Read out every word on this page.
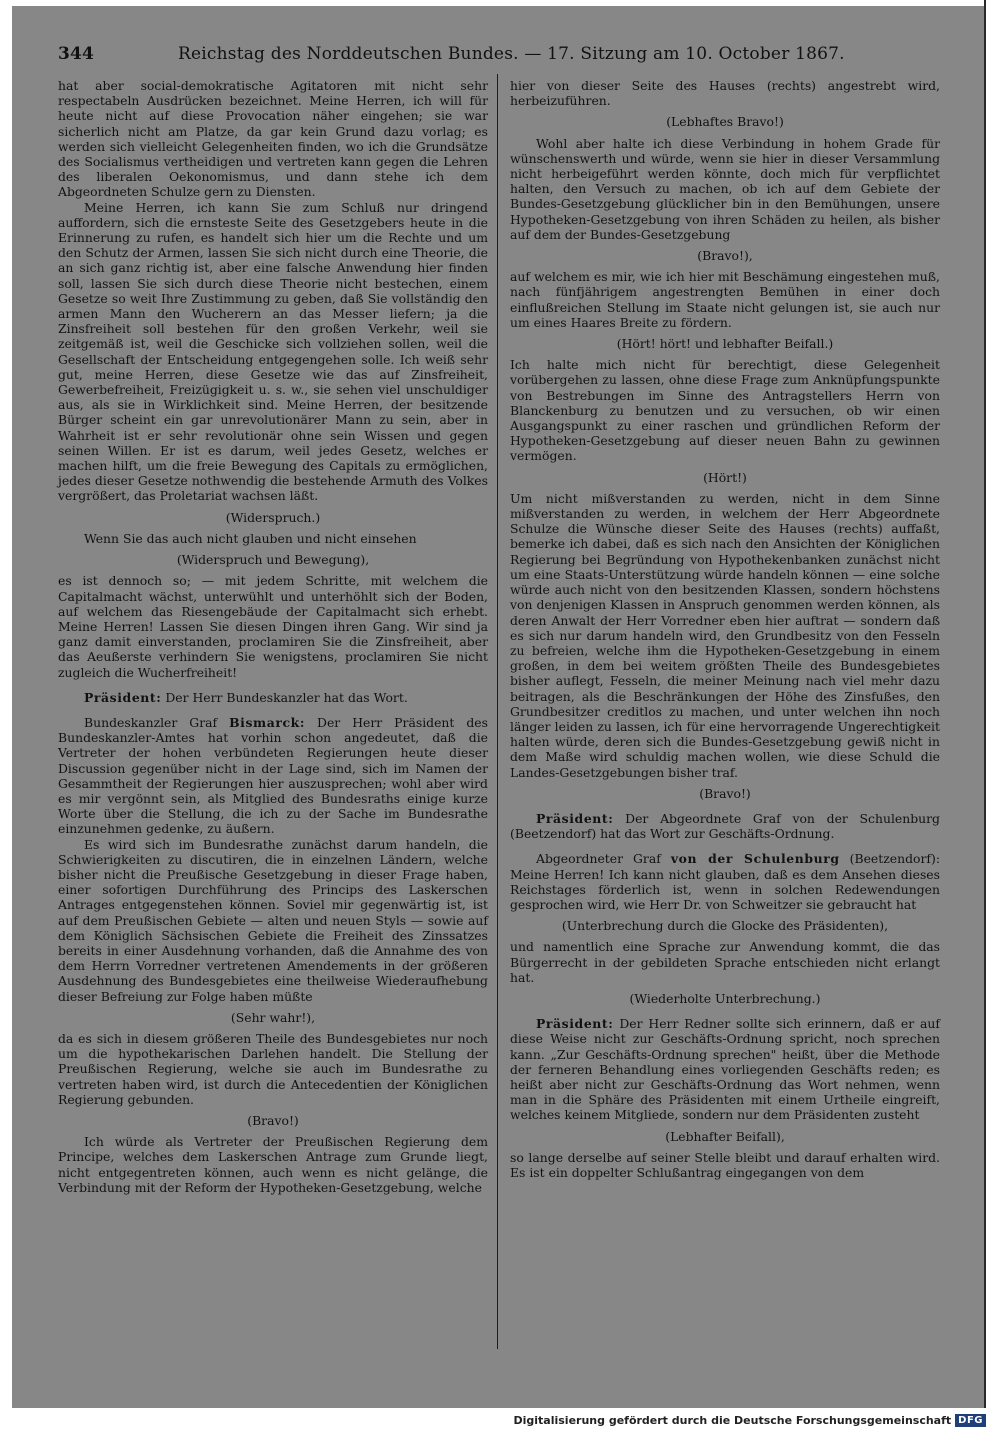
344	Reichstag des Norddeutschen Bundes. — 17. Sitzung am 10. October 1867.

hat aber social-demokratische Agitatoren mit nicht sehr respectabeln Ausdrücken bezeichnet. Meine Herren, ich will für heute nicht auf diese Provocation näher eingehen; sie war sicherlich nicht am Platze, da gar kein Grund dazu vorlag; es werden sich vielleicht Gelegenheiten finden, wo ich die Grundsätze des Socialismus vertheidigen und vertreten kann gegen die Lehren des liberalen Oekonomismus, und dann stehe ich dem Abgeordneten Schulze gern zu Diensten.

Meine Herren, ich kann Sie zum Schluß nur dringend auffordern, sich die ernsteste Seite des Gesetzgebers heute in die Erinnerung zu rufen, es handelt sich hier um die Rechte und um den Schutz der Armen, lassen Sie sich nicht durch eine Theorie, die an sich ganz richtig ist, aber eine falsche Anwendung hier finden soll, lassen Sie sich durch diese Theorie nicht bestechen, einem Gesetze so weit Ihre Zustimmung zu geben, daß Sie vollständig den armen Mann den Wucherern an das Messer liefern; ja die Zinsfreiheit soll bestehen für den großen Verkehr, weil sie zeitgemäß ist, weil die Geschicke sich vollziehen sollen, weil die Gesellschaft der Entscheidung entgegengehen solle. Ich weiß sehr gut, meine Herren, diese Gesetze wie das auf Zinsfreiheit, Gewerbefreiheit, Freizügigkeit u. s. w., sie sehen viel unschuldiger aus, als sie in Wirklichkeit sind. Meine Herren, der besitzende Bürger scheint ein gar unrevolutionärer Mann zu sein, aber in Wahrheit ist er sehr revolutionär ohne sein Wissen und gegen seinen Willen. Er ist es darum, weil jedes Gesetz, welches er machen hilft, um die freie Bewegung des Capitals zu ermöglichen, jedes dieser Gesetze nothwendig die bestehende Armuth des Volkes vergrößert, das Proletariat wachsen läßt.

(Widerspruch.)

Wenn Sie das auch nicht glauben und nicht einsehen

(Widerspruch und Bewegung),

es ist dennoch so; — mit jedem Schritte, mit welchem die Capitalmacht wächst, unterwühlt und unterhöhlt sich der Boden, auf welchem das Riesengebäude der Capitalmacht sich erhebt. Meine Herren! Lassen Sie diesen Dingen ihren Gang. Wir sind ja ganz damit einverstanden, proclamiren Sie die Zinsfreiheit, aber das Aeußerste verhindern Sie wenigstens, proclamiren Sie nicht zugleich die Wucherfreiheit!

Präsident: Der Herr Bundeskanzler hat das Wort.

Bundeskanzler Graf Bismarck: Der Herr Präsident des Bundeskanzler-Amtes hat vorhin schon angedeutet, daß die Vertreter der hohen verbündeten Regierungen heute dieser Discussion gegenüber nicht in der Lage sind, sich im Namen der Gesammtheit der Regierungen hier auszusprechen; wohl aber wird es mir vergönnt sein, als Mitglied des Bundesraths einige kurze Worte über die Stellung, die ich zu der Sache im Bundesrathe einzunehmen gedenke, zu äußern.

Es wird sich im Bundesrathe zunächst darum handeln, die Schwierigkeiten zu discutiren, die in einzelnen Ländern, welche bisher nicht die Preußische Gesetzgebung in dieser Frage haben, einer sofortigen Durchführung des Princips des Laskerschen Antrages entgegenstehen können. Soviel mir gegenwärtig ist, ist auf dem Preußischen Gebiete — alten und neuen Styls — sowie auf dem Königlich Sächsischen Gebiete die Freiheit des Zinssatzes bereits in einer Ausdehnung vorhanden, daß die Annahme des von dem Herrn Vorredner vertretenen Amendements in der größeren Ausdehnung des Bundesgebietes eine theilweise Wiederaufhebung dieser Befreiung zur Folge haben müßte

(Sehr wahr!),

da es sich in diesem größeren Theile des Bundesgebietes nur noch um die hypothekarischen Darlehen handelt. Die Stellung der Preußischen Regierung, welche sie auch im Bundesrathe zu vertreten haben wird, ist durch die Antecedentien der Königlichen Regierung gebunden.

(Bravo!)

Ich würde als Vertreter der Preußischen Regierung dem Principe, welches dem Laskerschen Antrage zum Grunde liegt, nicht entgegentreten können, auch wenn es nicht gelänge, die Verbindung mit der Reform der Hypotheken-Gesetzgebung, welche

hier von dieser Seite des Hauses (rechts) angestrebt wird, herbeizuführen.

(Lebhaftes Bravo!)

Wohl aber halte ich diese Verbindung in hohem Grade für wünschenswerth und würde, wenn sie hier in dieser Versammlung nicht herbeigeführt werden könnte, doch mich für verpflichtet halten, den Versuch zu machen, ob ich auf dem Gebiete der Bundes-Gesetzgebung glücklicher bin in den Bemühungen, unsere Hypotheken-Gesetzgebung von ihren Schäden zu heilen, als bisher auf dem der Bundes-Gesetzgebung

(Bravo!),

auf welchem es mir, wie ich hier mit Beschämung eingestehen muß, nach fünfjährigem angestrengten Bemühen in einer doch einflußreichen Stellung im Staate nicht gelungen ist, sie auch nur um eines Haares Breite zu fördern.

(Hört! hört! und lebhafter Beifall.)

Ich halte mich nicht für berechtigt, diese Gelegenheit vorübergehen zu lassen, ohne diese Frage zum Anknüpfungspunkte von Bestrebungen im Sinne des Antragstellers Herrn von Blanckenburg zu benutzen und zu versuchen, ob wir einen Ausgangspunkt zu einer raschen und gründlichen Reform der Hypotheken-Gesetzgebung auf dieser neuen Bahn zu gewinnen vermögen.

(Hört!)

Um nicht mißverstanden zu werden, nicht in dem Sinne mißverstanden zu werden, in welchem der Herr Abgeordnete Schulze die Wünsche dieser Seite des Hauses (rechts) auffaßt, bemerke ich dabei, daß es sich nach den Ansichten der Königlichen Regierung bei Begründung von Hypothekenbanken zunächst nicht um eine Staats-Unterstützung würde handeln können — eine solche würde auch nicht von den besitzenden Klassen, sondern höchstens von denjenigen Klassen in Anspruch genommen werden können, als deren Anwalt der Herr Vorredner eben hier auftrat — sondern daß es sich nur darum handeln wird, den Grundbesitz von den Fesseln zu befreien, welche ihm die Hypotheken-Gesetzgebung in einem großen, in dem bei weitem größten Theile des Bundesgebietes bisher auflegt, Fesseln, die meiner Meinung nach viel mehr dazu beitragen, als die Beschränkungen der Höhe des Zinsfußes, den Grundbesitzer creditlos zu machen, und unter welchen ihn noch länger leiden zu lassen, ich für eine hervorragende Ungerechtigkeit halten würde, deren sich die Bundes-Gesetzgebung gewiß nicht in dem Maße wird schuldig machen wollen, wie diese Schuld die Landes-Gesetzgebungen bisher traf.

(Bravo!)

Präsident: Der Abgeordnete Graf von der Schulenburg (Beetzendorf) hat das Wort zur Geschäfts-Ordnung.

Abgeordneter Graf von der Schulenburg (Beetzendorf): Meine Herren! Ich kann nicht glauben, daß es dem Ansehen dieses Reichstages förderlich ist, wenn in solchen Redewendungen gesprochen wird, wie Herr Dr. von Schweitzer sie gebraucht hat

(Unterbrechung durch die Glocke des Präsidenten),

und namentlich eine Sprache zur Anwendung kommt, die das Bürgerrecht in der gebildeten Sprache entschieden nicht erlangt hat.

(Wiederholte Unterbrechung.)

Präsident: Der Herr Redner sollte sich erinnern, daß er auf diese Weise nicht zur Geschäfts-Ordnung spricht, noch sprechen kann. „Zur Geschäfts-Ordnung sprechen" heißt, über die Methode der ferneren Behandlung eines vorliegenden Geschäfts reden; es heißt aber nicht zur Geschäfts-Ordnung das Wort nehmen, wenn man in die Sphäre des Präsidenten mit einem Urtheile eingreift, welches keinem Mitgliede, sondern nur dem Präsidenten zusteht

(Lebhafter Beifall),

so lange derselbe auf seiner Stelle bleibt und darauf erhalten wird. Es ist ein doppelter Schlußantrag eingegangen von dem

Digitalisierung gefördert durch die Deutsche Forschungsgemeinschaft DFG
